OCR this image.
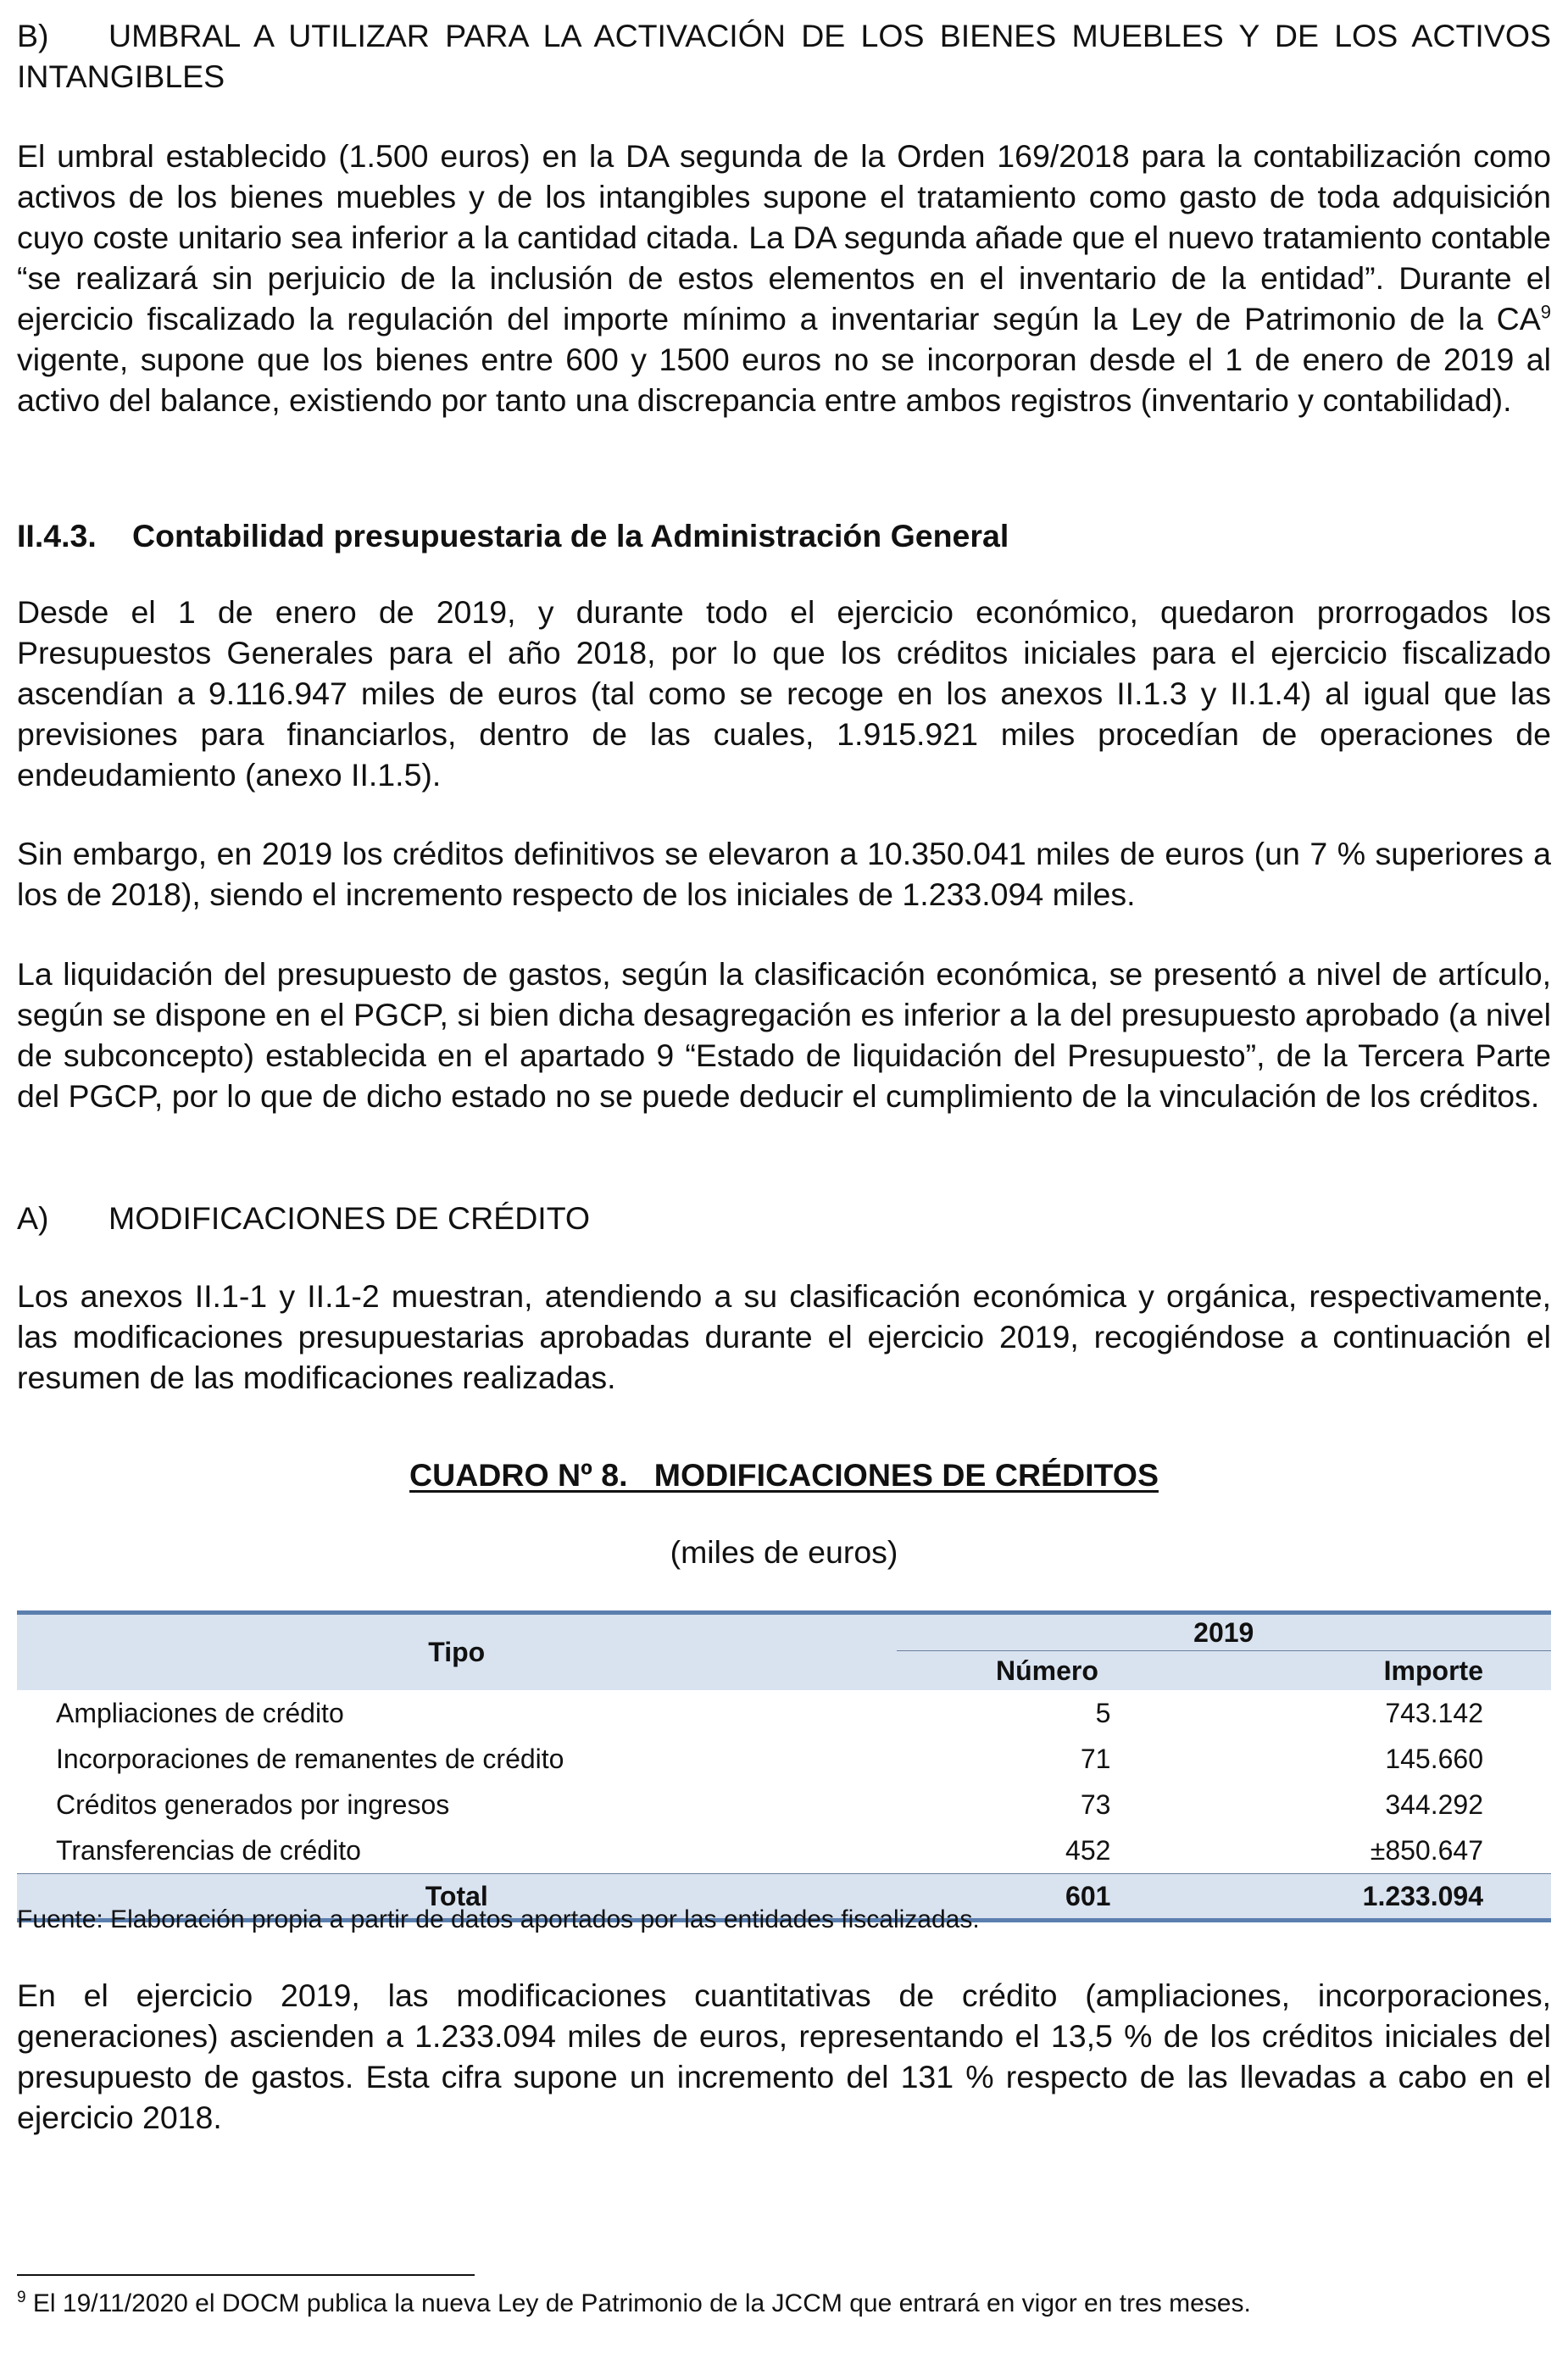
B) UMBRAL A UTILIZAR PARA LA ACTIVACIÓN DE LOS BIENES MUEBLES Y DE LOS ACTIVOS INTANGIBLES

El umbral establecido (1.500 euros) en la DA segunda de la Orden 169/2018 para la contabilización como activos de los bienes muebles y de los intangibles supone el tratamiento como gasto de toda adquisición cuyo coste unitario sea inferior a la cantidad citada. La DA segunda añade que el nuevo tratamiento contable “se realizará sin perjuicio de la inclusión de estos elementos en el inventario de la entidad”. Durante el ejercicio fiscalizado la regulación del importe mínimo a inventariar según la Ley de Patrimonio de la $CA^9$ vigente, supone que los bienes entre 600 y 1500 euros no se incorporan desde el 1 de enero de 2019 al activo del balance, existiendo por tanto una discrepancia entre ambos registros (inventario y contabilidad).

II.4.3. Contabilidad presupuestaria de la Administración General

Desde el 1 de enero de 2019, y durante todo el ejercicio económico, quedaron prorrogados los Presupuestos Generales para el año 2018, por lo que los créditos iniciales para el ejercicio fiscalizado ascendían a 9.116.947 miles de euros (tal como se recoge en los anexos II.1.3 y II.1.4) al igual que las previsiones para financiarlos, dentro de las cuales, 1.915.921 miles procedían de operaciones de endeudamiento (anexo II.1.5).

Sin embargo, en 2019 los créditos definitivos se elevaron a 10.350.041 miles de euros (un 7 % superiores a los de 2018), siendo el incremento respecto de los iniciales de 1.233.094 miles.

La liquidación del presupuesto de gastos, según la clasificación económica, se presentó a nivel de artículo, según se dispone en el PGCP, si bien dicha desagregación es inferior a la del presupuesto aprobado (a nivel de subconcepto) establecida en el apartado 9 “Estado de liquidación del Presupuesto”, de la Tercera Parte del PGCP, por lo que de dicho estado no se puede deducir el cumplimiento de la vinculación de los créditos.

A) MODIFICACIONES DE CRÉDITO

Los anexos II.1-1 y II.1-2 muestran, atendiendo a su clasificación económica y orgánica, respectivamente, las modificaciones presupuestarias aprobadas durante el ejercicio 2019, recogiéndose a continuación el resumen de las modificaciones realizadas.

CUADRO Nº 8.   MODIFICACIONES DE CRÉDITOS
(miles de euros)
Tipo	2019	
	Número	Importe
Ampliaciones de crédito	5	743.142
Incorporaciones de remanentes de crédito	71	145.660
Créditos generados por ingresos	73	344.292
Transferencias de crédito	452	±850.647
Total	601	1.233.094
Fuente: Elaboración propia a partir de datos aportados por las entidades fiscalizadas.

En el ejercicio 2019, las modificaciones cuantitativas de crédito (ampliaciones, incorporaciones, generaciones) ascienden a 1.233.094 miles de euros, representando el 13,5 % de los créditos iniciales del presupuesto de gastos. Esta cifra supone un incremento del 131 % respecto de las llevadas a cabo en el ejercicio 2018.

$^9$ El 19/11/2020 el DOCM publica la nueva Ley de Patrimonio de la JCCM que entrará en vigor en tres meses.
